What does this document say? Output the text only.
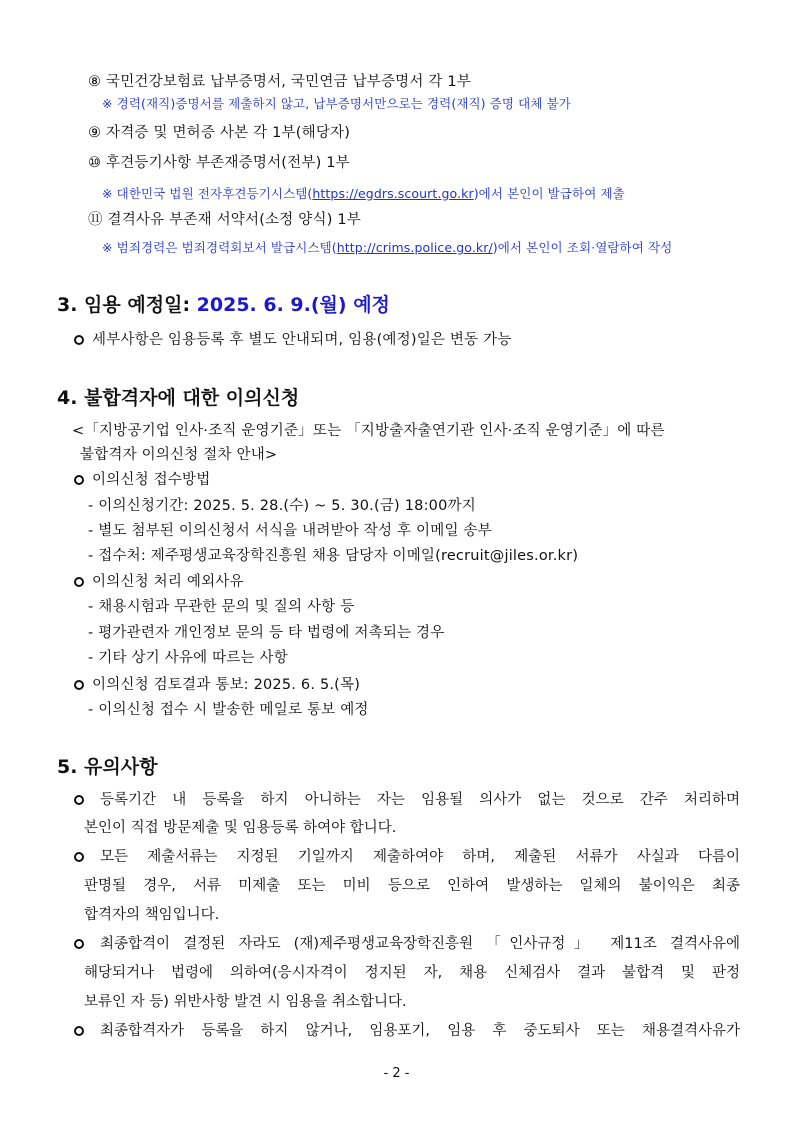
⑧ 국민건강보험료 납부증명서, 국민연금 납부증명서 각 1부
※ 경력(재직)증명서를 제출하지 않고, 납부증명서만으로는 경력(재직) 증명 대체 불가
⑨ 자격증 및 면허증 사본 각 1부(해당자)
⑩ 후견등기사항 부존재증명서(전부) 1부
※ 대한민국 법원 전자후견등기시스템(https://egdrs.scourt.go.kr)에서 본인이 발급하여 제출
⑪ 결격사유 부존재 서약서(소정 양식) 1부
※ 범죄경력은 범죄경력회보서 발급시스템(http://crims.police.go.kr/)에서 본인이 조회·열람하여 작성
3. 임용 예정일: 2025. 6. 9.(월) 예정
세부사항은 임용등록 후 별도 안내되며, 임용(예정)일은 변동 가능
4. 불합격자에 대한 이의신청
<「지방공기업 인사·조직 운영기준」또는 「지방출자출연기관 인사·조직 운영기준」에 따른
불합격자 이의신청 절차 안내>
이의신청 접수방법
- 이의신청기간: 2025. 5. 28.(수) ~ 5. 30.(금) 18:00까지
- 별도 첨부된 이의신청서 서식을 내려받아 작성 후 이메일 송부
- 접수처: 제주평생교육장학진흥원 채용 담당자 이메일(recruit@jiles.or.kr)
이의신청 처리 예외사유
- 채용시험과 무관한 문의 및 질의 사항 등
- 평가관련자 개인정보 문의 등 타 법령에 저촉되는 경우
- 기타 상기 사유에 따르는 사항
이의신청 검토결과 통보: 2025. 6. 5.(목)
- 이의신청 접수 시 발송한 메일로 통보 예정
5. 유의사항
등록기간 내 등록을 하지 아니하는 자는 임용될 의사가 없는 것으로 간주 처리하며
본인이 직접 방문제출 및 임용등록 하여야 합니다.
모든 제출서류는 지정된 기일까지 제출하여야 하며, 제출된 서류가 사실과 다름이
판명될 경우, 서류 미제출 또는 미비 등으로 인하여 발생하는 일체의 불이익은 최종
합격자의 책임입니다.
최종합격이 결정된 자라도 (재)제주평생교육장학진흥원 「인사규정」 제11조 결격사유에
해당되거나 법령에 의하여(응시자격이 정지된 자, 채용 신체검사 결과 불합격 및 판정
보류인 자 등) 위반사항 발견 시 임용을 취소합니다.
최종합격자가 등록을 하지 않거나, 임용포기, 임용 후 중도퇴사 또는 채용결격사유가
- 2 -
